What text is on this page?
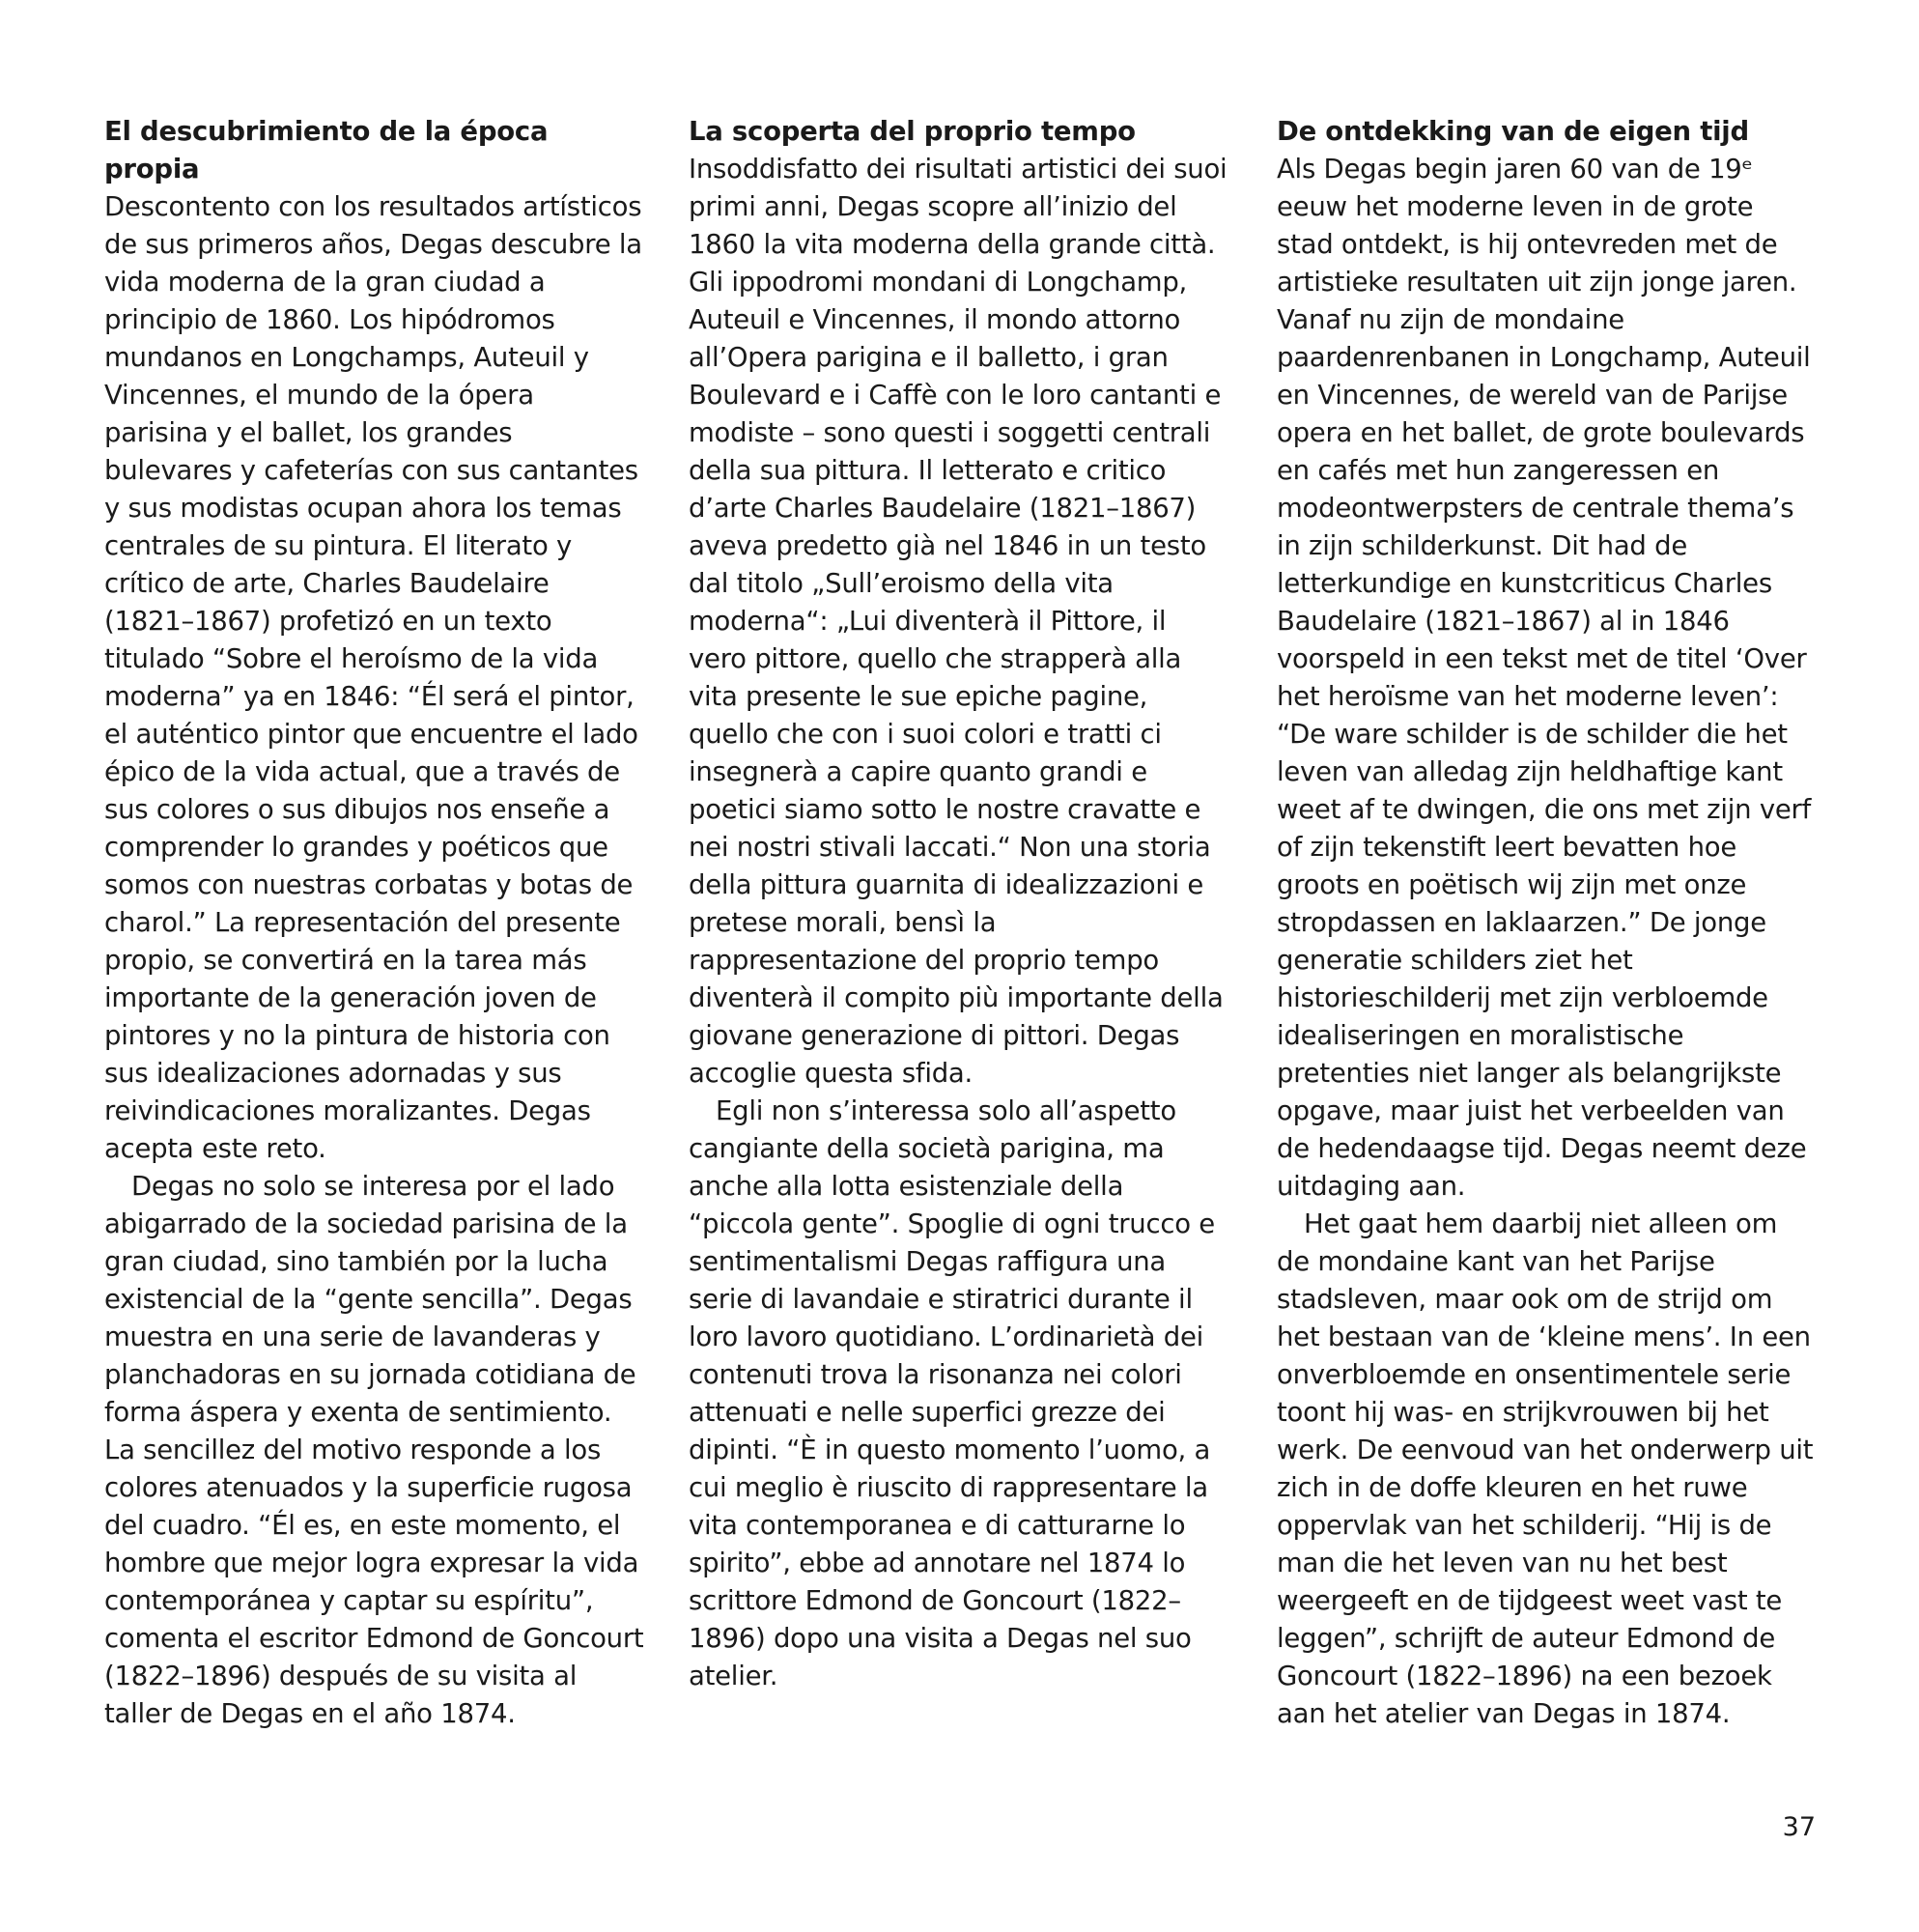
El descubrimiento de la época propia

Descontento con los resultados artísticos de sus primeros años, Degas descubre la vida moderna de la gran ciudad a principio de 1860. Los hipódromos mundanos en Longchamps, Auteuil y Vincennes, el mundo de la ópera parisina y el ballet, los grandes bulevares y cafeterías con sus cantantes y sus modistas ocupan ahora los temas centrales de su pintura. El literato y crítico de arte, Charles Baudelaire (1821–1867) profetizó en un texto titulado “Sobre el heroísmo de la vida moderna” ya en 1846: “Él será el pintor, el auténtico pintor que encuentre el lado épico de la vida actual, que a través de sus colores o sus dibujos nos enseñe a comprender lo grandes y poéticos que somos con nuestras corbatas y botas de charol.” La representación del presente propio, se convertirá en la tarea más importante de la generación joven de pintores y no la pintura de historia con sus idealizaciones adornadas y sus reivindicaciones moralizantes. Degas acepta este reto.

Degas no solo se interesa por el lado abigarrado de la sociedad parisina de la gran ciudad, sino también por la lucha existencial de la “gente sencilla”. Degas muestra en una serie de lavanderas y planchadoras en su jornada cotidiana de forma áspera y exenta de sentimiento. La sencillez del motivo responde a los colores atenuados y la superficie rugosa del cuadro. “Él es, en este momento, el hombre que mejor logra expresar la vida contemporánea y captar su espíritu”, comenta el escritor Edmond de Goncourt (1822–1896) después de su visita al taller de Degas en el año 1874.

La scoperta del proprio tempo

Insoddisfatto dei risultati artistici dei suoi primi anni, Degas scopre all’inizio del 1860 la vita moderna della grande città. Gli ippodromi mondani di Longchamp, Auteuil e Vincennes, il mondo attorno all’Opera parigina e il balletto, i gran Boulevard e i Caffè con le loro cantanti e modiste – sono questi i soggetti centrali della sua pittura. Il letterato e critico d’arte Charles Baudelaire (1821–1867) aveva predetto già nel 1846 in un testo dal titolo „Sull’eroismo della vita moderna“: „Lui diventerà il Pittore, il vero pittore, quello che strapperà alla vita presente le sue epiche pagine, quello che con i suoi colori e tratti ci insegnerà a capire quanto grandi e poetici siamo sotto le nostre cravatte e nei nostri stivali laccati.“ Non una storia della pittura guarnita di idealizzazioni e pretese morali, bensì la rappresentazione del proprio tempo diventerà il compito più importante della giovane generazione di pittori. Degas accoglie questa sfida.

Egli non s’interessa solo all’aspetto cangiante della società parigina, ma anche alla lotta esistenziale della “piccola gente”. Spoglie di ogni trucco e sentimentalismi Degas raffigura una serie di lavandaie e stiratrici durante il loro lavoro quotidiano. L’ordinarietà dei contenuti trova la risonanza nei colori attenuati e nelle superfici grezze dei dipinti. “È in questo momento l’uomo, a cui meglio è riuscito di rappresentare la vita contemporanea e di catturarne lo spirito”, ebbe ad annotare nel 1874 lo scrittore Edmond de Goncourt (1822–1896) dopo una visita a Degas nel suo atelier.

De ontdekking van de eigen tijd

Als Degas begin jaren 60 van de 19ᵉ eeuw het moderne leven in de grote stad ontdekt, is hij ontevreden met de artistieke resultaten uit zijn jonge jaren. Vanaf nu zijn de mondaine paardenrenbanen in Longchamp, Auteuil en Vincennes, de wereld van de Parijse opera en het ballet, de grote boulevards en cafés met hun zangeressen en modeontwerpsters de centrale thema’s in zijn schilderkunst. Dit had de letterkundige en kunstcriticus Charles Baudelaire (1821–1867) al in 1846 voorspeld in een tekst met de titel ‘Over het heroïsme van het moderne leven’: “De ware schilder is de schilder die het leven van alledag zijn heldhaftige kant weet af te dwingen, die ons met zijn verf of zijn tekenstift leert bevatten hoe groots en poëtisch wij zijn met onze stropdassen en laklaarzen.” De jonge generatie schilders ziet het historieschilderij met zijn verbloemde idealiseringen en moralistische pretenties niet langer als belangrijkste opgave, maar juist het verbeelden van de hedendaagse tijd. Degas neemt deze uitdaging aan.

Het gaat hem daarbij niet alleen om de mondaine kant van het Parijse stadsleven, maar ook om de strijd om het bestaan van de ‘kleine mens’. In een onverbloemde en onsentimentele serie toont hij was- en strijkvrouwen bij het werk. De eenvoud van het onderwerp uit zich in de doffe kleuren en het ruwe oppervlak van het schilderij. “Hij is de man die het leven van nu het best weergeeft en de tijdgeest weet vast te leggen”, schrijft de auteur Edmond de Goncourt (1822–1896) na een bezoek aan het atelier van Degas in 1874.

37
